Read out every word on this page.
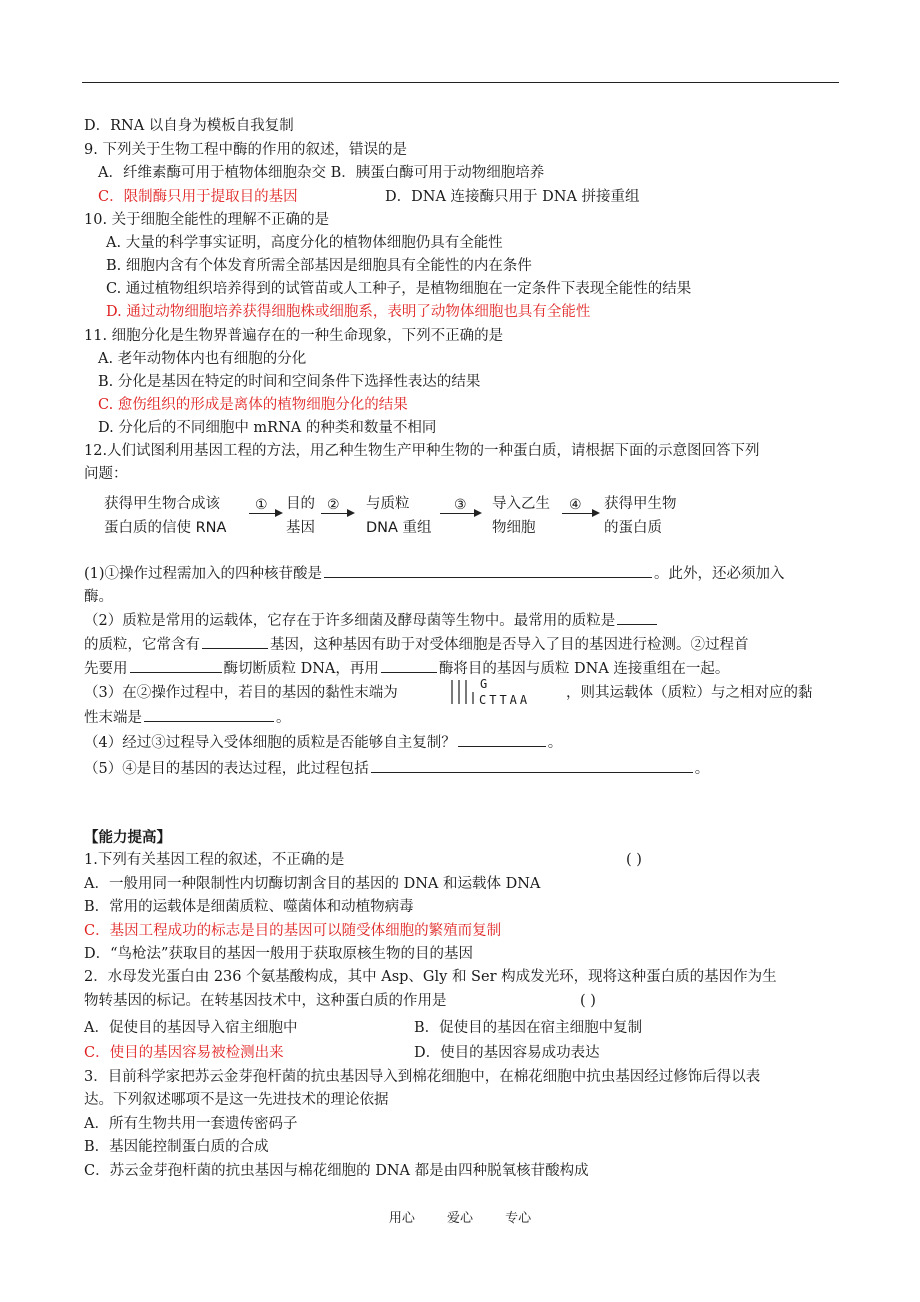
D．RNA 以自身为模板自我复制
9. 下列关于生物工程中酶的作用的叙述，错误的是
A．纤维素酶可用于植物体细胞杂交 B．胰蛋白酶可用于动物细胞培养
D．DNA 连接酶只用于 DNA 拼接重组
10. 关于细胞全能性的理解不正确的是
A. 大量的科学事实证明，高度分化的植物体细胞仍具有全能性
B. 细胞内含有个体发育所需全部基因是细胞具有全能性的内在条件
C. 通过植物组织培养得到的试管苗或人工种子，是植物细胞在一定条件下表现全能性的结果
11. 细胞分化是生物界普遍存在的一种生命现象，下列不正确的是
A. 老年动物体内也有细胞的分化
B. 分化是基因在特定的时间和空间条件下选择性表达的结果
D. 分化后的不同细胞中 mRNA 的种类和数量不相同
12.人们试图利用基因工程的方法，用乙种生物生产甲种生物的一种蛋白质，请根据下面的示意图回答下列
问题：
酶。
1.下列有关基因工程的叙述，不正确的是
A．一般用同一种限制性内切酶切割含目的基因的 DNA 和运载体 DNA
B．常用的运载体是细菌质粒、噬菌体和动植物病毒
D．“鸟枪法”获取目的基因一般用于获取原核生物的目的基因
2．水母发光蛋白由 236 个氨基酸构成，其中 Asp、Gly 和 Ser 构成发光环，现将这种蛋白质的基因作为生
物转基因的标记。在转基因技术中，这种蛋白质的作用是
A．促使目的基因导入宿主细胞中	B．促使目的基因在宿主细胞中复制
D．使目的基因容易成功表达
3．目前科学家把苏云金芽孢杆菌的抗虫基因导入到棉花细胞中，在棉花细胞中抗虫基因经过修饰后得以表
达。下列叙述哪项不是这一先进技术的理论依据
A．所有生物共用一套遗传密码子
B．基因能控制蛋白质的合成
C．苏云金芽孢杆菌的抗虫基因与棉花细胞的 DNA 都是由四种脱氧核苷酸构成
C．限制酶只用于提取目的基因
D. 通过动物细胞培养获得细胞株或细胞系，表明了动物体细胞也具有全能性
C. 愈伤组织的形成是离体的植物细胞分化的结果
C．基因工程成功的标志是目的基因可以随受体细胞的繁殖而复制
C．使目的基因容易被检测出来
获得甲生物合成该
蛋白质的信使 RNA
① 目的
基因
② 与质粒
DNA 重组
③ 导入乙生
物细胞
④ 获得甲生物
的蛋白质
(1)①操作过程需加入的四种核苷酸是	。此外，还必须加入
（2）质粒是常用的运载体，它存在于许多细菌及酵母菌等生物中。最常用的质粒是
的质粒，它常含有	基因，这种基因有助于对受体细胞是否导入了目的基因进行检测。②过程首
先要用	酶切断质粒 DNA，再用	酶将目的基因与质粒 DNA 连接重组在一起。
（3）在②操作过程中，若目的基因的黏性末端为
G
CTTAA ，则其运载体（质粒）与之相对应的黏
性末端是	。
（4）经过③过程导入受体细胞的质粒是否能够自主复制？	。
（5）④是目的基因的表达过程，此过程包括	。
【能力提高】
( )
( )
用心 爱心 专心
